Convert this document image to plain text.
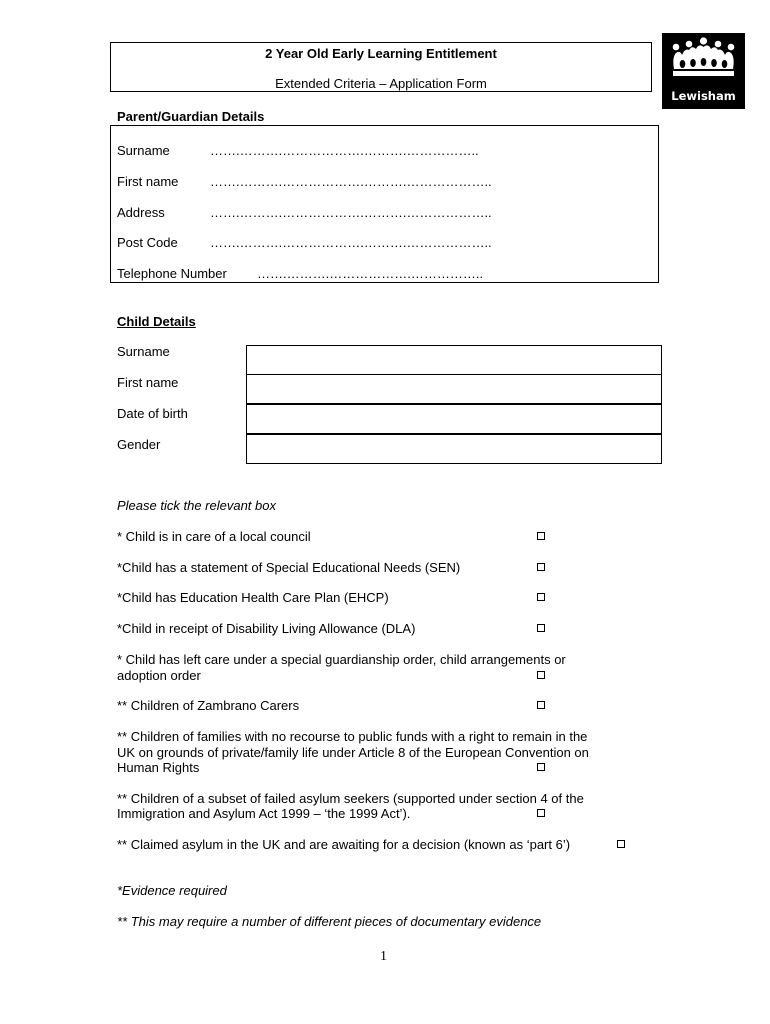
2 Year Old Early Learning Entitlement
Extended Criteria – Application Form
Lewisham
Parent/Guardian Details
Surname	…….……….……………….……….……………..
First name …….……….……………….……….………………..
Address	…….……….……………….……….………………..
Post Code …….……….……………….……….………………..
Telephone Number …….……….……………….……………..
Child Details
Surname
First name
Date of birth
Gender
Please tick the relevant box
* Child is in care of a local council
*Child has a statement of Special Educational Needs (SEN)
*Child has Education Health Care Plan (EHCP)
*Child in receipt of Disability Living Allowance (DLA)
* Child has left care under a special guardianship order, child arrangements or
adoption order
** Children of Zambrano Carers
** Children of families with no recourse to public funds with a right to remain in the
UK on grounds of private/family life under Article 8 of the European Convention on
Human Rights
** Children of a subset of failed asylum seekers (supported under section 4 of the
Immigration and Asylum Act 1999 – ‘the 1999 Act’).
** Claimed asylum in the UK and are awaiting for a decision (known as ‘part 6’)
*Evidence required
** This may require a number of different pieces of documentary evidence
1
